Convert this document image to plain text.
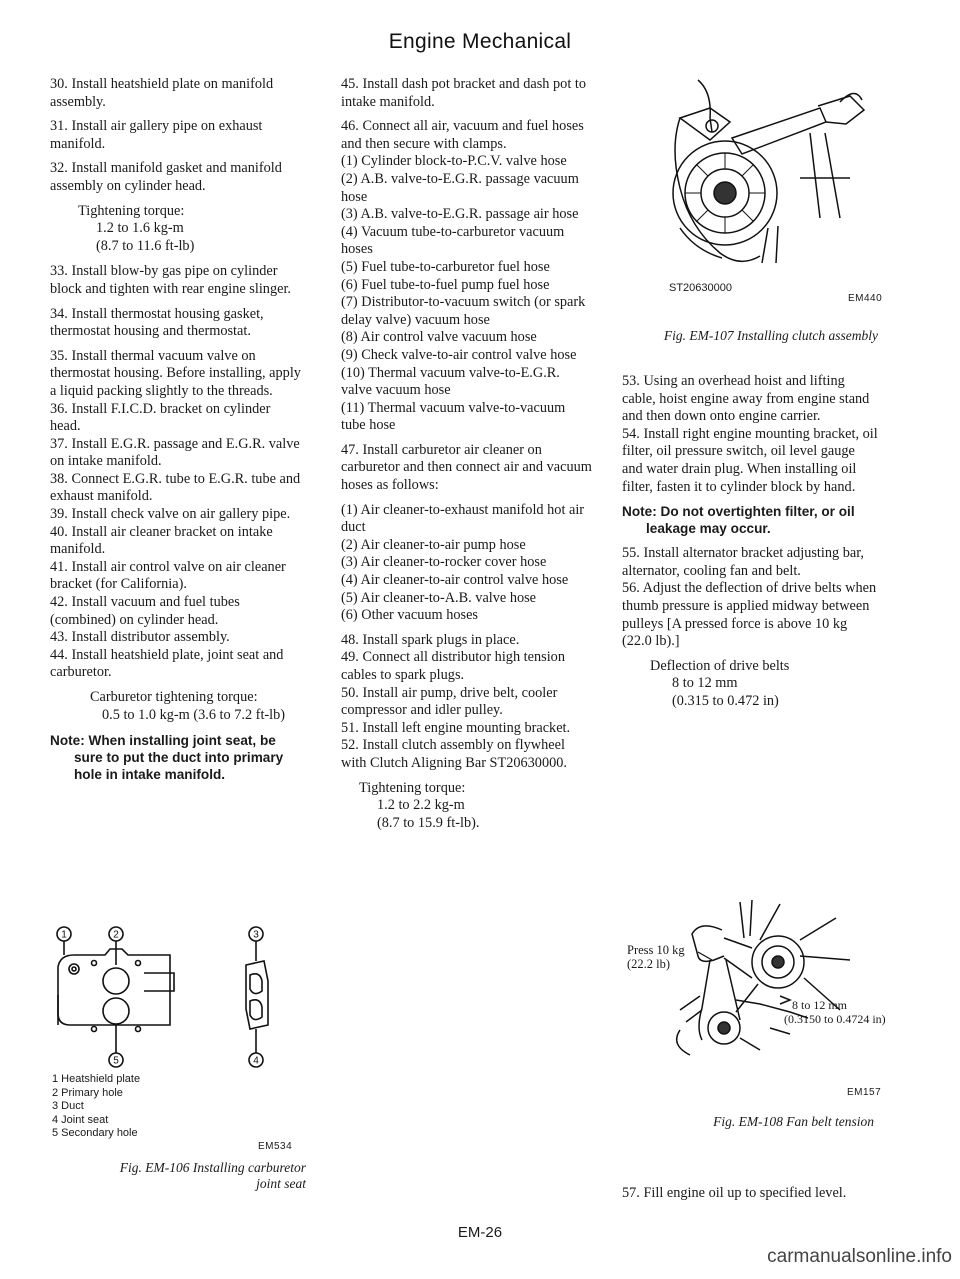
Engine Mechanical

30. Install heatshield plate on manifold assembly.

31. Install air gallery pipe on exhaust manifold.

32. Install manifold gasket and manifold assembly on cylinder head.

Tightening torque:
1.2 to 1.6 kg-m
(8.7 to 11.6 ft-lb)

33. Install blow-by gas pipe on cylinder block and tighten with rear engine slinger.

34. Install thermostat housing gasket, thermostat housing and thermostat.

35. Install thermal vacuum valve on thermostat housing. Before installing, apply a liquid packing slightly to the threads.

36. Install F.I.C.D. bracket on cylinder head.

37. Install E.G.R. passage and E.G.R. valve on intake manifold.

38. Connect E.G.R. tube to E.G.R. tube and exhaust manifold.

39. Install check valve on air gallery pipe.

40. Install air cleaner bracket on intake manifold.

41. Install air control valve on air cleaner bracket (for California).

42. Install vacuum and fuel tubes (combined) on cylinder head.

43. Install distributor assembly.

44. Install heatshield plate, joint seat and carburetor.

Carburetor tightening torque:
0.5 to 1.0 kg-m (3.6 to 7.2 ft-lb)
Note: When installing joint seat, be
sure to put the duct into primary hole in intake manifold.
1	2	3
4
5
1 Heatshield plate
2 Primary hole
3 Duct
4 Joint seat
5 Secondary hole
EM534
Fig. EM-106 Installing carburetor
joint seat

45. Install dash pot bracket and dash pot to intake manifold.

46. Connect all air, vacuum and fuel hoses and then secure with clamps.

(1) Cylinder block-to-P.C.V. valve hose

(2) A.B. valve-to-E.G.R. passage vacuum hose

(3) A.B. valve-to-E.G.R. passage air hose

(4) Vacuum tube-to-carburetor vacuum hoses

(5) Fuel tube-to-carburetor fuel hose

(6) Fuel tube-to-fuel pump fuel hose

(7) Distributor-to-vacuum switch (or spark delay valve) vacuum hose

(8) Air control valve vacuum hose

(9) Check valve-to-air control valve hose

(10) Thermal vacuum valve-to-E.G.R. valve vacuum hose

(11) Thermal vacuum valve-to-vacuum tube hose

47. Install carburetor air cleaner on carburetor and then connect air and vacuum hoses as follows:

(1) Air cleaner-to-exhaust manifold hot air duct

(2) Air cleaner-to-air pump hose

(3) Air cleaner-to-rocker cover hose

(4) Air cleaner-to-air control valve hose

(5) Air cleaner-to-A.B. valve hose

(6) Other vacuum hoses

48. Install spark plugs in place.

49. Connect all distributor high tension cables to spark plugs.

50. Install air pump, drive belt, cooler compressor and idler pulley.

51. Install left engine mounting bracket.

52. Install clutch assembly on flywheel with Clutch Aligning Bar ST20630000.

Tightening torque:
1.2 to 2.2 kg-m
(8.7 to 15.9 ft-lb).
ST20630000
EM440
Fig. EM-107 Installing clutch assembly

53. Using an overhead hoist and lifting cable, hoist engine away from engine stand and then down onto engine carrier.

54. Install right engine mounting bracket, oil filter, oil pressure switch, oil level gauge and water drain plug. When installing oil filter, fasten it to cylinder block by hand.

Note: Do not overtighten filter, or oil
leakage may occur.

55. Install alternator bracket adjusting bar, alternator, cooling fan and belt.

56. Adjust the deflection of drive belts when thumb pressure is applied midway between pulleys [A pressed force is above 10 kg (22.0 lb).]

Deflection of drive belts
8 to 12 mm
(0.315 to 0.472 in)
Press 10 kg
(22.2 lb)
8 to 12 mm
(0.3150 to 0.4724 in)
EM157
Fig. EM-108 Fan belt tension
57. Fill engine oil up to specified level.
EM-26
carmanualsonline.info
